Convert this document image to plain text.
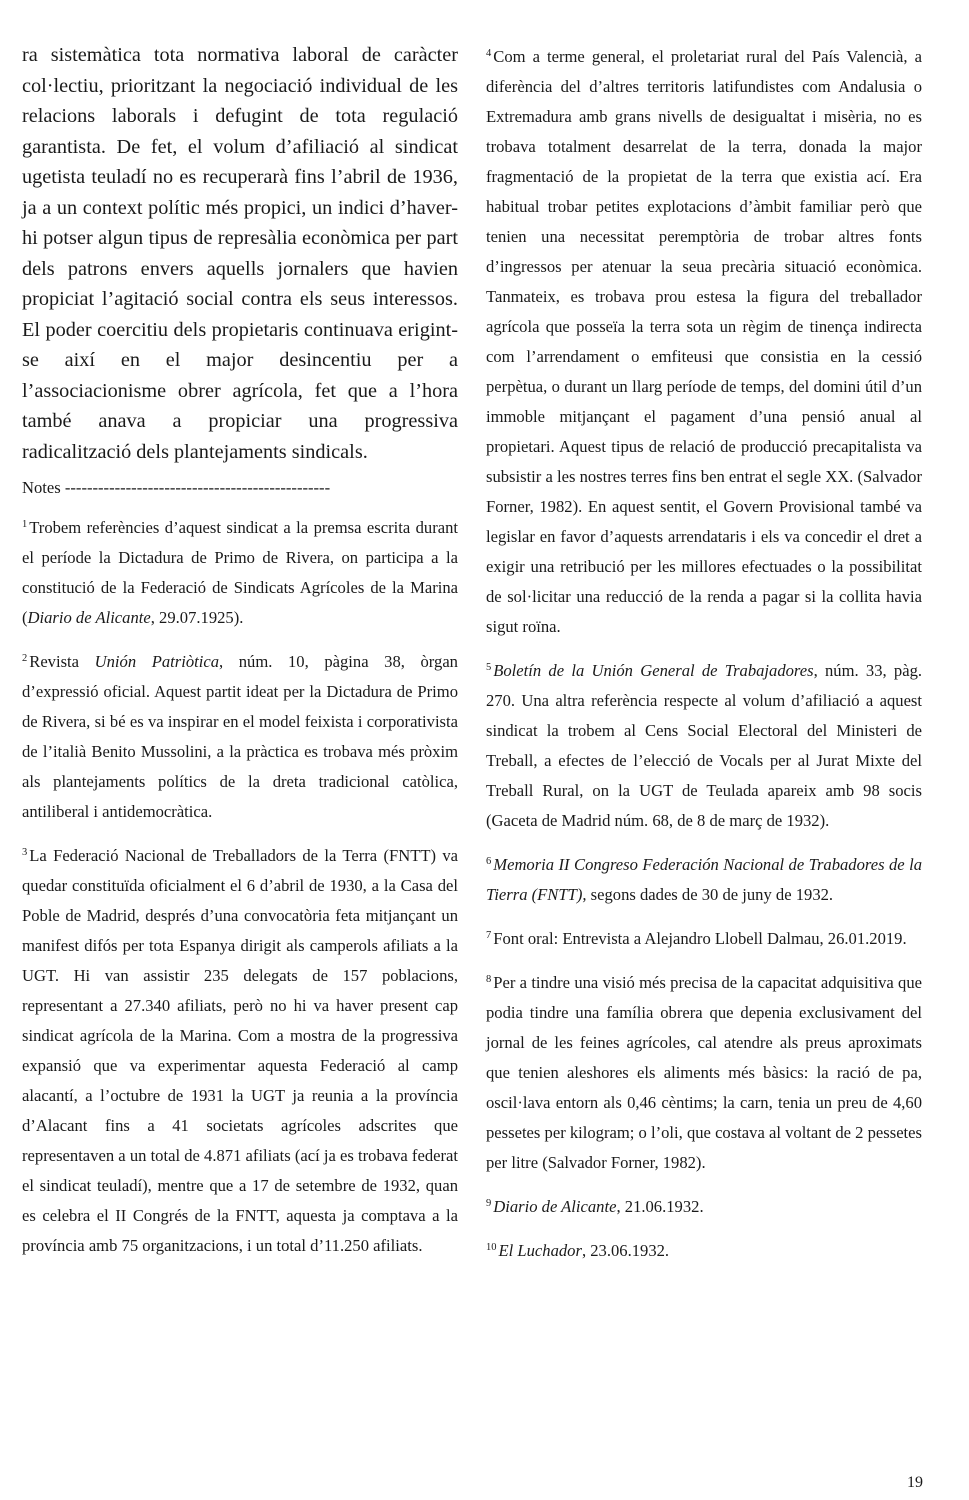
ra sistemàtica tota normativa laboral de caràcter col·lectiu, prioritzant la negociació individual de les relacions laborals i defugint de tota regulació garantista. De fet, el volum d’afiliació al sindicat ugetista teuladí no es recuperarà fins l’abril de 1936, ja a un context polític més propici, un indici d’haver-hi potser algun tipus de represàlia econòmica per part dels patrons envers aquells jornalers que havien propiciat l’agitació social contra els seus interessos. El poder coercitiu dels propietaris continuava erigint-se així en el major desincentiu per a l’associacionisme obrer agrícola, fet que a l’hora també anava a propiciar una progressiva radicalització dels plantejaments sindicals.

Notes ------------------------------------------------

$^1$ Trobem referències d’aquest sindicat a la premsa escrita durant el període la Dictadura de Primo de Rivera, on participa a la constitució de la Federació de Sindicats Agrícoles de la Marina (Diario de Alicante, 29.07.1925).

$^2$ Revista Unión Patriòtica, núm. 10, pàgina 38, òrgan d’expressió oficial. Aquest partit ideat per la Dictadura de Primo de Rivera, si bé es va inspirar en el model feixista i corporativista de l’italià Benito Mussolini, a la pràctica es trobava més pròxim als plantejaments polítics de la dreta tradicional catòlica, antiliberal i antidemocràtica.

$^3$ La Federació Nacional de Treballadors de la Terra (FNTT) va quedar constituïda oficialment el 6 d’abril de 1930, a la Casa del Poble de Madrid, després d’una convocatòria feta mitjançant un manifest difós per tota Espanya dirigit als camperols afiliats a la UGT. Hi van assistir 235 delegats de 157 poblacions, representant a 27.340 afiliats, però no hi va haver present cap sindicat agrícola de la Marina. Com a mostra de la progressiva expansió que va experimentar aquesta Federació al camp alacantí, a l’octubre de 1931 la UGT ja reunia a la província d’Alacant fins a 41 societats agrícoles adscrites que representaven a un total de 4.871 afiliats (ací ja es trobava federat el sindicat teuladí), mentre que a 17 de setembre de 1932, quan es celebra el II Congrés de la FNTT, aquesta ja comptava a la província amb 75 organitzacions, i un total d’11.250 afiliats.

$^4$ Com a terme general, el proletariat rural del País Valencià, a diferència del d’altres territoris latifundistes com Andalusia o Extremadura amb grans nivells de desigualtat i misèria, no es trobava totalment desarrelat de la terra, donada la major fragmentació de la propietat de la terra que existia ací. Era habitual trobar petites explotacions d’àmbit familiar però que tenien una necessitat peremptòria de trobar altres fonts d’ingressos per atenuar la seua precària situació econòmica. Tanmateix, es trobava prou estesa la figura del treballador agrícola que posseïa la terra sota un règim de tinença indirecta com l’arrendament o emfiteusi que consistia en la cessió perpètua, o durant un llarg període de temps, del domini útil d’un immoble mitjançant el pagament d’una pensió anual al propietari. Aquest tipus de relació de producció precapitalista va subsistir a les nostres terres fins ben entrat el segle XX. (Salvador Forner, 1982). En aquest sentit, el Govern Provisional també va legislar en favor d’aquests arrendataris i els va concedir el dret a exigir una retribució per les millores efectuades o la possibilitat de sol·licitar una reducció de la renda a pagar si la collita havia sigut roïna.

$^5$ Boletín de la Unión General de Trabajadores, núm. 33, pàg. 270. Una altra referència respecte al volum d’afiliació a aquest sindicat la trobem al Cens Social Electoral del Ministeri de Treball, a efectes de l’elecció de Vocals per al Jurat Mixte del Treball Rural, on la UGT de Teulada apareix amb 98 socis (Gaceta de Madrid núm. 68, de 8 de març de 1932).

$^6$ Memoria II Congreso Federación Nacional de Trabadores de la Tierra (FNTT), segons dades de 30 de juny de 1932.

$^7$ Font oral: Entrevista a Alejandro Llobell Dalmau, 26.01.2019.

$^8$ Per a tindre una visió més precisa de la capacitat adquisitiva que podia tindre una família obrera que depenia exclusivament del jornal de les feines agrícoles, cal atendre als preus aproximats que tenien aleshores els aliments més bàsics: la ració de pa, oscil·lava entorn als 0,46 cèntims; la carn, tenia un preu de 4,60 pessetes per kilogram; o l’oli, que costava al voltant de 2 pessetes per litre (Salvador Forner, 1982).

$^9$ Diario de Alicante, 21.06.1932.

$^{10}$ El Luchador, 23.06.1932.

19
